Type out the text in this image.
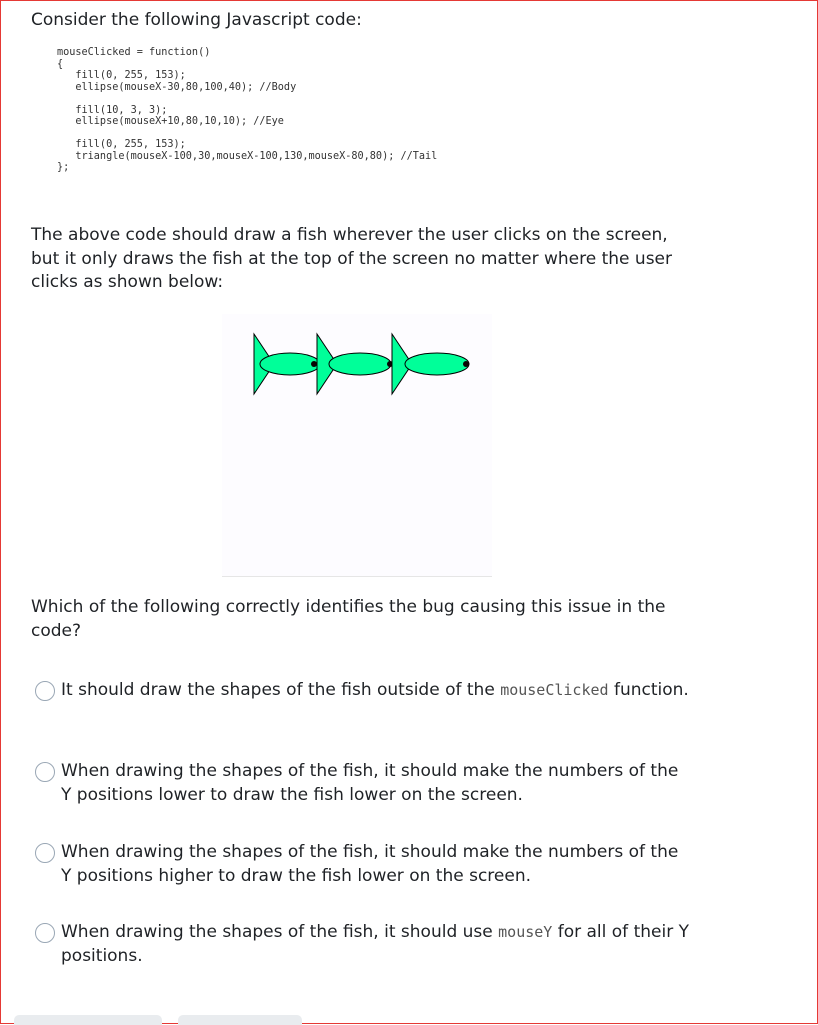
Consider the following Javascript code:

mouseClicked = function()
{
fill(0, 255, 153);
ellipse(mouseX-30,80,100,40); //Body

fill(10, 3, 3);
ellipse(mouseX+10,80,10,10); //Eye

fill(0, 255, 153);
triangle(mouseX-100,30,mouseX-100,130,mouseX-80,80); //Tail
};

The above code should draw a fish wherever the user clicks on the screen, but it only draws the fish at the top of the screen no matter where the user clicks as shown below:

Which of the following correctly identifies the bug causing this issue in the code?

It should draw the shapes of the fish outside of the mouseClicked function.
When drawing the shapes of the fish, it should make the numbers of the Y positions lower to draw the fish lower on the screen.
When drawing the shapes of the fish, it should make the numbers of the Y positions higher to draw the fish lower on the screen.
When drawing the shapes of the fish, it should use mouseY for all of their Y positions.
